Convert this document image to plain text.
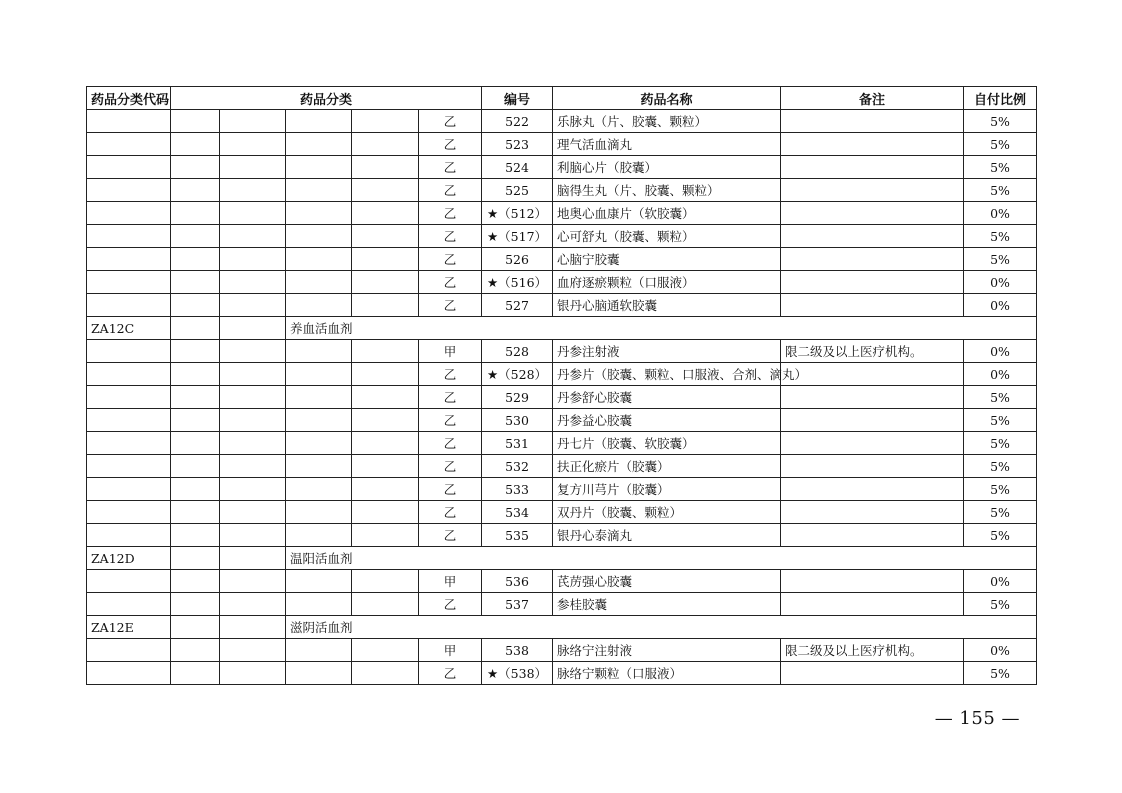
药品分类代码	药品分类					编号	药品名称	备注	自付比例
					乙	522	乐脉丸（片、胶囊、颗粒）		5%
					乙	523	理气活血滴丸		5%
					乙	524	利脑心片（胶囊）		5%
					乙	525	脑得生丸（片、胶囊、颗粒）		5%
					乙	★（512）	地奥心血康片（软胶囊）		0%
					乙	★（517）	心可舒丸（胶囊、颗粒）		5%
					乙	526	心脑宁胶囊		5%
					乙	★（516）	血府逐瘀颗粒（口服液）		0%
					乙	527	银丹心脑通软胶囊		0%
ZA12C			养血活血剂						
					甲	528	丹参注射液	限二级及以上医疗机构。	0%
					乙	★（528）	丹参片（胶囊、颗粒、口服液、合剂、滴丸）		0%
					乙	529	丹参舒心胶囊		5%
					乙	530	丹参益心胶囊		5%
					乙	531	丹七片（胶囊、软胶囊）		5%
					乙	532	扶正化瘀片（胶囊）		5%
					乙	533	复方川芎片（胶囊）		5%
					乙	534	双丹片（胶囊、颗粒）		5%
					乙	535	银丹心泰滴丸		5%
ZA12D			温阳活血剂						
					甲	536	芪苈强心胶囊		0%
					乙	537	参桂胶囊		5%
ZA12E			滋阴活血剂						
					甲	538	脉络宁注射液	限二级及以上医疗机构。	0%
					乙	★（538）	脉络宁颗粒（口服液）		5%
— 155 —
